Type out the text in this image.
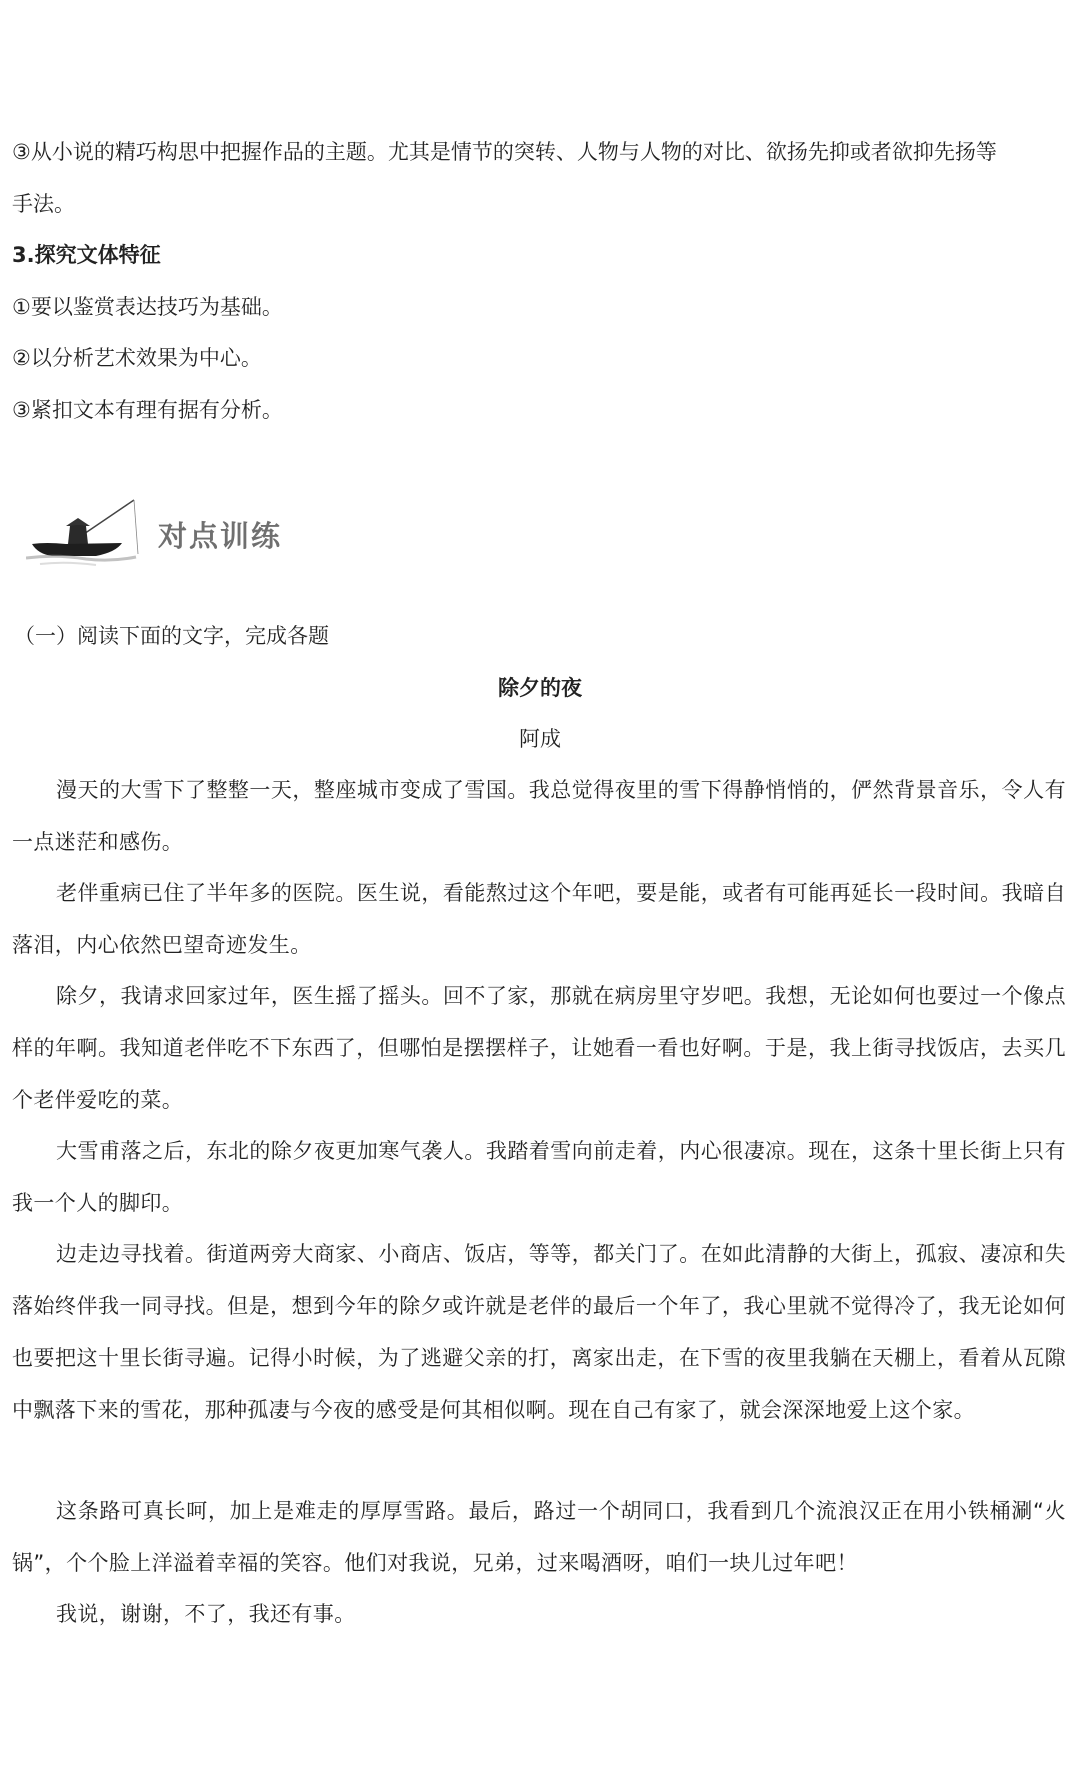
③从小说的精巧构思中把握作品的主题。尤其是情节的突转、人物与人物的对比、欲扬先抑或者欲抑先扬等
手法。
3.探究文体特征
①要以鉴赏表达技巧为基础。
②以分析艺术效果为中心。
③紧扣文本有理有据有分析。
对点训练
（一）阅读下面的文字，完成各题
除夕的夜
阿成
漫天的大雪下了整整一天，整座城市变成了雪国。我总觉得夜里的雪下得静悄悄的，俨然背景音乐，令人有一点迷茫和感伤。
老伴重病已住了半年多的医院。医生说，看能熬过这个年吧，要是能，或者有可能再延长一段时间。我暗自落泪，内心依然巴望奇迹发生。
除夕，我请求回家过年，医生摇了摇头。回不了家，那就在病房里守岁吧。我想，无论如何也要过一个像点样的年啊。我知道老伴吃不下东西了，但哪怕是摆摆样子，让她看一看也好啊。于是，我上街寻找饭店，去买几个老伴爱吃的菜。
大雪甫落之后，东北的除夕夜更加寒气袭人。我踏着雪向前走着，内心很凄凉。现在，这条十里长街上只有我一个人的脚印。
边走边寻找着。街道两旁大商家、小商店、饭店，等等，都关门了。在如此清静的大街上，孤寂、凄凉和失落始终伴我一同寻找。但是，想到今年的除夕或许就是老伴的最后一个年了，我心里就不觉得冷了，我无论如何也要把这十里长街寻遍。记得小时候，为了逃避父亲的打，离家出走，在下雪的夜里我躺在天棚上，看着从瓦隙中飘落下来的雪花，那种孤凄与今夜的感受是何其相似啊。现在自己有家了，就会深深地爱上这个家。
这条路可真长呵，加上是难走的厚厚雪路。最后，路过一个胡同口，我看到几个流浪汉正在用小铁桶涮“火锅”，个个脸上洋溢着幸福的笑容。他们对我说，兄弟，过来喝酒呀，咱们一块儿过年吧！
我说，谢谢，不了，我还有事。
